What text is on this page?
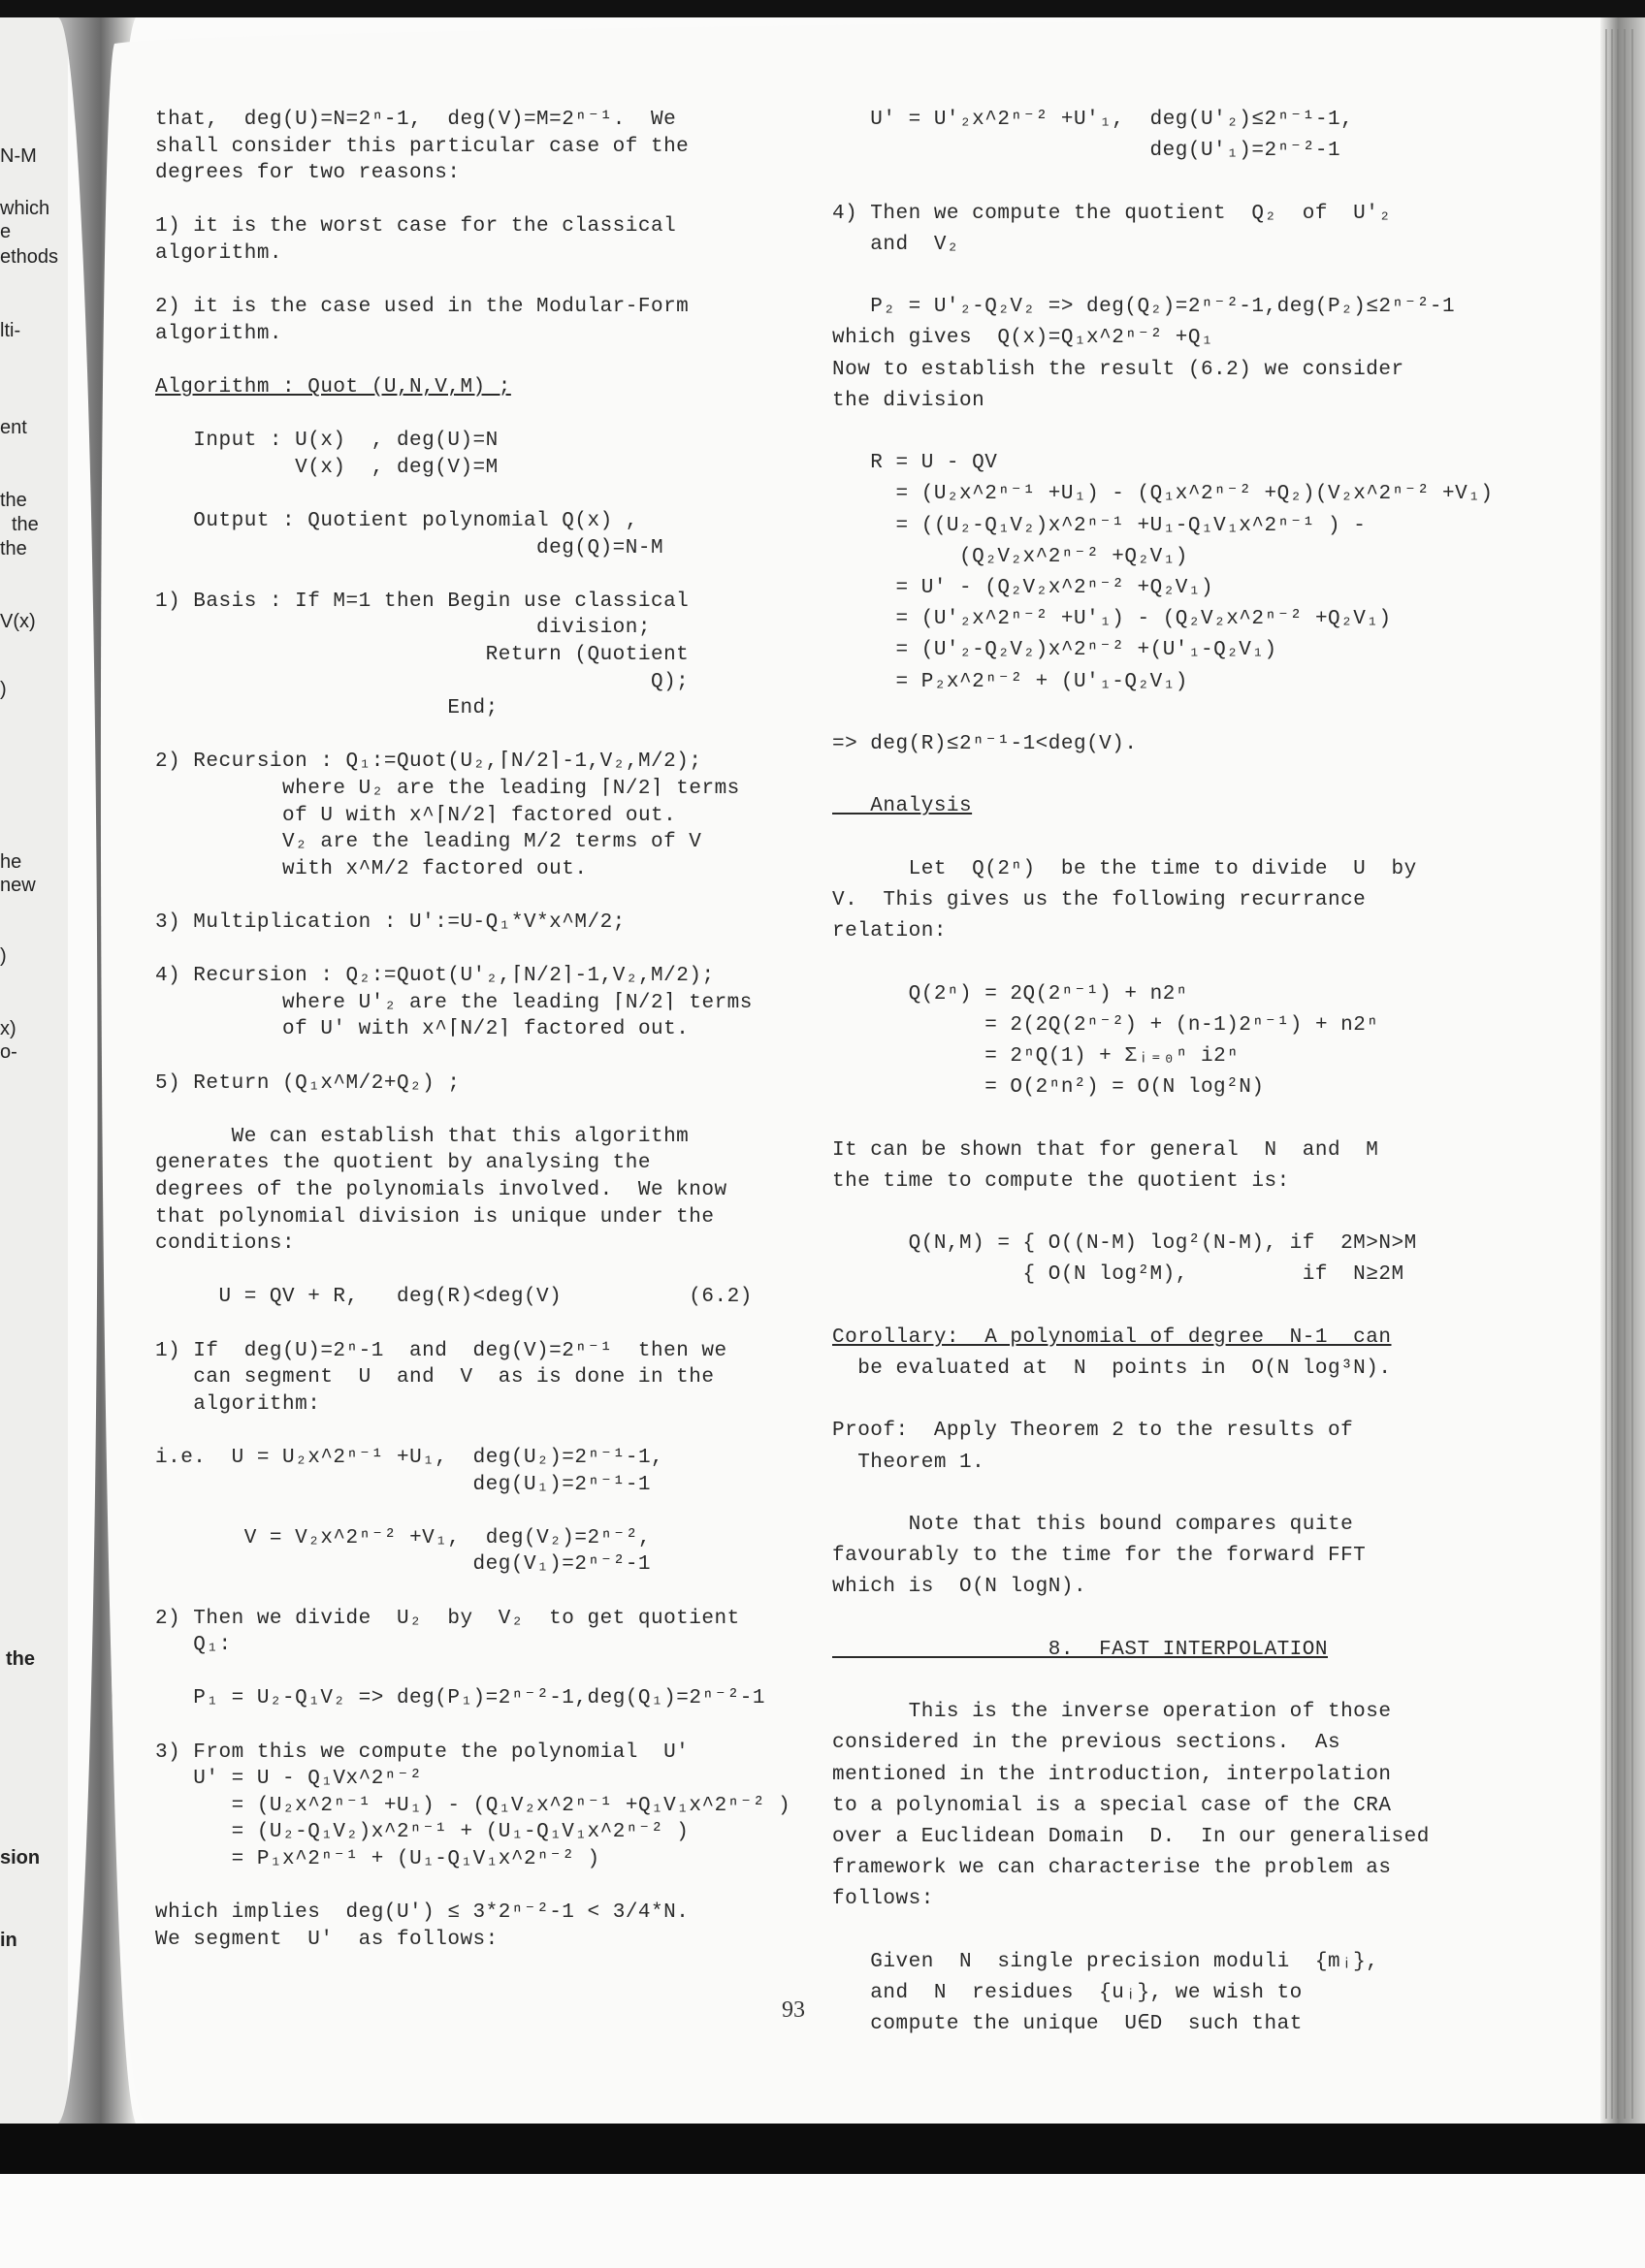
N-M

which

e

ethods

lti-

ent

the

the

the

V(x)

)

he

new

)

x)

o-

the

sion

in

that,  deg(U)=N=2ⁿ-1,  deg(V)=M=2ⁿ⁻¹.  We
shall consider this particular case of the
degrees for two reasons:
1) it is the worst case for the classical
algorithm.
2) it is the case used in the Modular-Form
algorithm.
Algorithm : Quot (U,N,V,M) ;
Input : U(x)  , deg(U)=N
V(x)  , deg(V)=M
Output : Quotient polynomial Q(x) ,
deg(Q)=N-M
1) Basis : If M=1 then Begin use classical
division;
Return (Quotient
Q);
End;
2) Recursion : Q₁:=Quot(U₂,⌈N/2⌉-1,V₂,M/2);
where U₂ are the leading ⌈N/2⌉ terms
of U with x^⌈N/2⌉ factored out.
V₂ are the leading M/2 terms of V
with x^M/2 factored out.
3) Multiplication : U':=U-Q₁*V*x^M/2;
4) Recursion : Q₂:=Quot(U'₂,⌈N/2⌉-1,V₂,M/2);
where U'₂ are the leading ⌈N/2⌉ terms
of U' with x^⌈N/2⌉ factored out.
5) Return (Q₁x^M/2+Q₂) ;
We can establish that this algorithm
generates the quotient by analysing the
degrees of the polynomials involved.  We know
that polynomial division is unique under the
conditions:
U = QV + R,   deg(R)<deg(V)          (6.2)
1) If  deg(U)=2ⁿ-1  and  deg(V)=2ⁿ⁻¹  then we
can segment  U  and  V  as is done in the
algorithm:
i.e.  U = U₂x^2ⁿ⁻¹ +U₁,  deg(U₂)=2ⁿ⁻¹-1,
deg(U₁)=2ⁿ⁻¹-1
V = V₂x^2ⁿ⁻² +V₁,  deg(V₂)=2ⁿ⁻²,
deg(V₁)=2ⁿ⁻²-1
2) Then we divide  U₂  by  V₂  to get quotient
Q₁:
P₁ = U₂-Q₁V₂ => deg(P₁)=2ⁿ⁻²-1,deg(Q₁)=2ⁿ⁻²-1
3) From this we compute the polynomial  U'
U' = U - Q₁Vx^2ⁿ⁻²
= (U₂x^2ⁿ⁻¹ +U₁) - (Q₁V₂x^2ⁿ⁻¹ +Q₁V₁x^2ⁿ⁻² )
= (U₂-Q₁V₂)x^2ⁿ⁻¹ + (U₁-Q₁V₁x^2ⁿ⁻² )
= P₁x^2ⁿ⁻¹ + (U₁-Q₁V₁x^2ⁿ⁻² )
which implies  deg(U') ≤ 3*2ⁿ⁻²-1 < 3/4*N.
We segment  U'  as follows:
U' = U'₂x^2ⁿ⁻² +U'₁,  deg(U'₂)≤2ⁿ⁻¹-1,
deg(U'₁)=2ⁿ⁻²-1
4) Then we compute the quotient  Q₂  of  U'₂
and  V₂
P₂ = U'₂-Q₂V₂ => deg(Q₂)=2ⁿ⁻²-1,deg(P₂)≤2ⁿ⁻²-1
which gives  Q(x)=Q₁x^2ⁿ⁻² +Q₁
Now to establish the result (6.2) we consider
the division
R = U - QV
= (U₂x^2ⁿ⁻¹ +U₁) - (Q₁x^2ⁿ⁻² +Q₂)(V₂x^2ⁿ⁻² +V₁)
= ((U₂-Q₁V₂)x^2ⁿ⁻¹ +U₁-Q₁V₁x^2ⁿ⁻¹ ) -
(Q₂V₂x^2ⁿ⁻² +Q₂V₁)
= U' - (Q₂V₂x^2ⁿ⁻² +Q₂V₁)
= (U'₂x^2ⁿ⁻² +U'₁) - (Q₂V₂x^2ⁿ⁻² +Q₂V₁)
= (U'₂-Q₂V₂)x^2ⁿ⁻² +(U'₁-Q₂V₁)
= P₂x^2ⁿ⁻² + (U'₁-Q₂V₁)
=> deg(R)≤2ⁿ⁻¹-1<deg(V).
Analysis
Let  Q(2ⁿ)  be the time to divide  U  by
V.  This gives us the following recurrance
relation:
Q(2ⁿ) = 2Q(2ⁿ⁻¹) + n2ⁿ
= 2(2Q(2ⁿ⁻²) + (n-1)2ⁿ⁻¹) + n2ⁿ
= 2ⁿQ(1) + Σᵢ₌₀ⁿ i2ⁿ
= O(2ⁿn²) = O(N log²N)
It can be shown that for general  N  and  M
the time to compute the quotient is:
Q(N,M) = { O((N-M) log²(N-M), if  2M>N>M
{ O(N log²M),         if  N≥2M
Corollary:  A polynomial of degree  N-1  can
be evaluated at  N  points in  O(N log³N).
Proof:  Apply Theorem 2 to the results of
Theorem 1.
Note that this bound compares quite
favourably to the time for the forward FFT
which is  O(N logN).
8.  FAST INTERPOLATION
This is the inverse operation of those
considered in the previous sections.  As
mentioned in the introduction, interpolation
to a polynomial is a special case of the CRA
over a Euclidean Domain  D.  In our generalised
framework we can characterise the problem as
follows:
Given  N  single precision moduli  {mᵢ},
and  N  residues  {uᵢ}, we wish to
compute the unique  U∈D  such that
93
